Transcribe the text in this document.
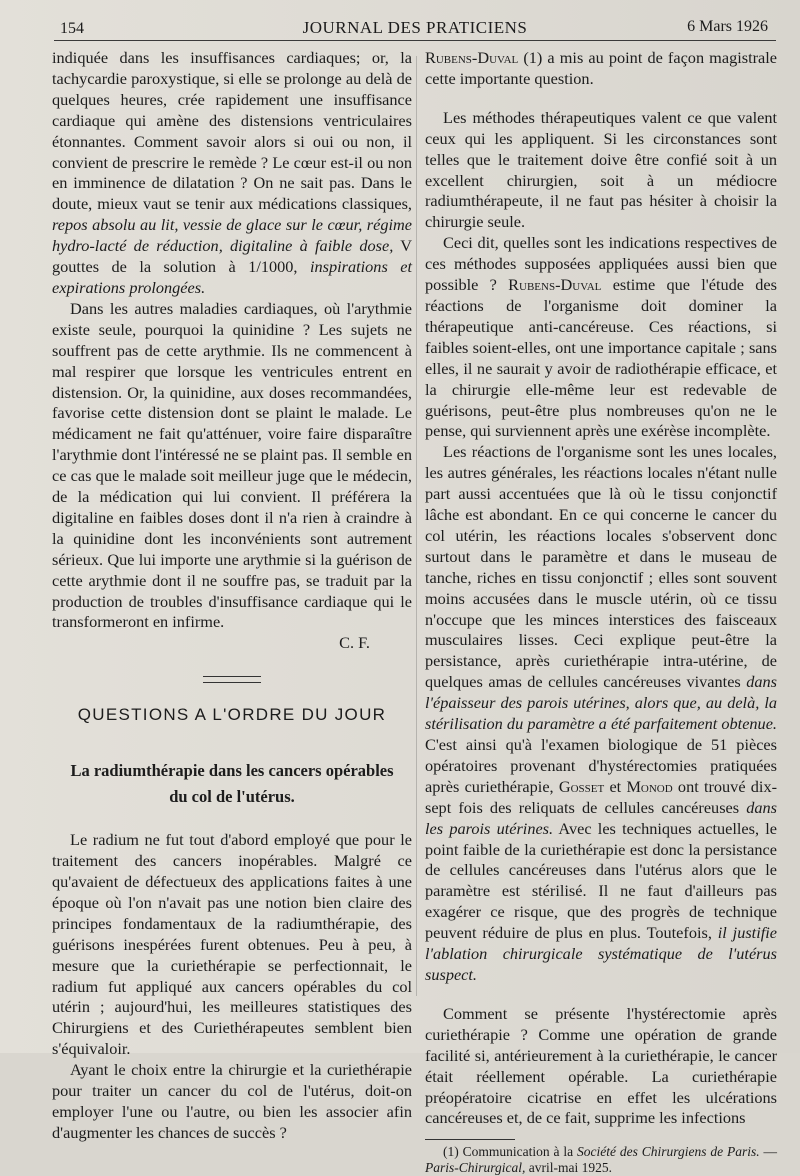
154	JOURNAL DES PRATICIENS	6 Mars 1926

indiquée dans les insuffisances cardiaques; or, la tachycardie paroxystique, si elle se prolonge au delà de quelques heures, crée rapidement une insuffisance cardiaque qui amène des distensions ventriculaires étonnantes. Comment savoir alors si oui ou non, il convient de prescrire le remède ? Le cœur est-il ou non en imminence de dilatation ? On ne sait pas. Dans le doute, mieux vaut se tenir aux médications classiques, repos absolu au lit, vessie de glace sur le cœur, régime hydro-lacté de réduction, digitaline à faible dose, V gouttes de la solution à 1/1000, inspirations et expirations prolongées.

Dans les autres maladies cardiaques, où l'arythmie existe seule, pourquoi la quinidine ? Les sujets ne souffrent pas de cette arythmie. Ils ne commencent à mal respirer que lorsque les ventricules entrent en distension. Or, la quinidine, aux doses recommandées, favorise cette distension dont se plaint le malade. Le médicament ne fait qu'atténuer, voire faire disparaître l'arythmie dont l'intéressé ne se plaint pas. Il semble en ce cas que le malade soit meilleur juge que le médecin, de la médication qui lui convient. Il préférera la digitaline en faibles doses dont il n'a rien à craindre à la quinidine dont les inconvénients sont autrement sérieux. Que lui importe une arythmie si la guérison de cette arythmie dont il ne souffre pas, se traduit par la production de troubles d'insuffisance cardiaque qui le transformeront en infirme.

C. F.

QUESTIONS A L'ORDRE DU JOUR
La radiumthérapie dans les cancers opérables
du col de l'utérus.

Le radium ne fut tout d'abord employé que pour le traitement des cancers inopérables. Malgré ce qu'avaient de défectueux des applications faites à une époque où l'on n'avait pas une notion bien claire des principes fondamentaux de la radiumthérapie, des guérisons inespérées furent obtenues. Peu à peu, à mesure que la curiethérapie se perfectionnait, le radium fut appliqué aux cancers opérables du col utérin ; aujourd'hui, les meilleures statistiques des Chirurgiens et des Curiethérapeutes semblent bien s'équivaloir.

Ayant le choix entre la chirurgie et la curiethérapie pour traiter un cancer du col de l'utérus, doit-on employer l'une ou l'autre, ou bien les associer afin d'augmenter les chances de succès ?

Rubens-Duval (1) a mis au point de façon magistrale cette importante question.

Les méthodes thérapeutiques valent ce que valent ceux qui les appliquent. Si les circonstances sont telles que le traitement doive être confié soit à un excellent chirurgien, soit à un médiocre radiumthérapeute, il ne faut pas hésiter à choisir la chirurgie seule.

Ceci dit, quelles sont les indications respectives de ces méthodes supposées appliquées aussi bien que possible ? Rubens-Duval estime que l'étude des réactions de l'organisme doit dominer la thérapeutique anti-cancéreuse. Ces réactions, si faibles soient-elles, ont une importance capitale ; sans elles, il ne saurait y avoir de radiothérapie efficace, et la chirurgie elle-même leur est redevable de guérisons, peut-être plus nombreuses qu'on ne le pense, qui surviennent après une exérèse incomplète.

Les réactions de l'organisme sont les unes locales, les autres générales, les réactions locales n'étant nulle part aussi accentuées que là où le tissu conjonctif lâche est abondant. En ce qui concerne le cancer du col utérin, les réactions locales s'observent donc surtout dans le paramètre et dans le museau de tanche, riches en tissu conjonctif ; elles sont souvent moins accusées dans le muscle utérin, où ce tissu n'occupe que les minces interstices des faisceaux musculaires lisses. Ceci explique peut-être la persistance, après curiethérapie intra-utérine, de quelques amas de cellules cancéreuses vivantes dans l'épaisseur des parois utérines, alors que, au delà, la stérilisation du paramètre a été parfaitement obtenue. C'est ainsi qu'à l'examen biologique de 51 pièces opératoires provenant d'hystérectomies pratiquées après curiethérapie, Gosset et Monod ont trouvé dix-sept fois des reliquats de cellules cancéreuses dans les parois utérines. Avec les techniques actuelles, le point faible de la curiethérapie est donc la persistance de cellules cancéreuses dans l'utérus alors que le paramètre est stérilisé. Il ne faut d'ailleurs pas exagérer ce risque, que des progrès de technique peuvent réduire de plus en plus. Toutefois, il justifie l'ablation chirurgicale systématique de l'utérus suspect.

Comment se présente l'hystérectomie après curiethérapie ? Comme une opération de grande facilité si, antérieurement à la curiethérapie, le cancer était réellement opérable. La curiethérapie préopératoire cicatrise en effet les ulcérations cancéreuses et, de ce fait, supprime les infections

(1) Communication à la Société des Chirurgiens de Paris. — Paris-Chirurgical, avril-mai 1925.
